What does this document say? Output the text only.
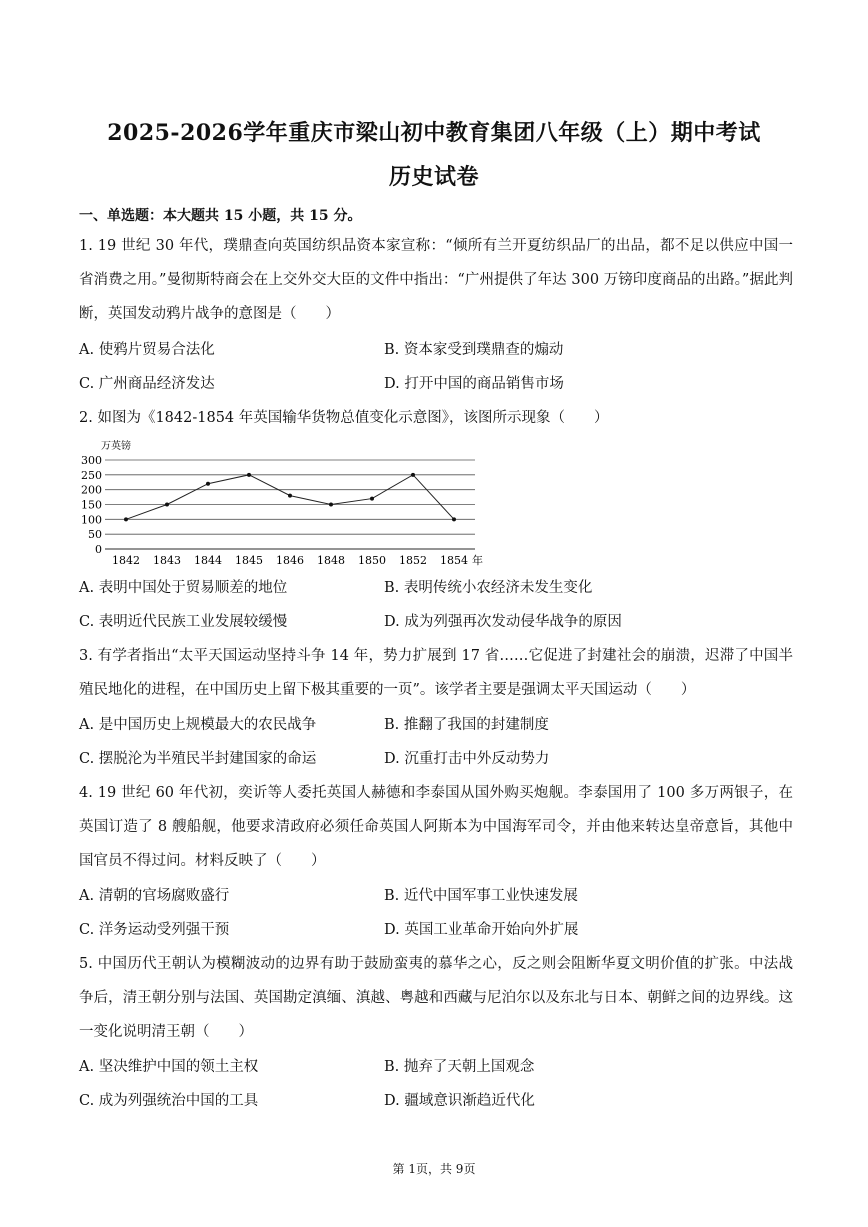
2025-2026学年重庆市梁山初中教育集团八年级（上）期中考试
历史试卷
一、单选题：本大题共 15 小题，共 15 分。

1. 19 世纪 30 年代，璞鼎查向英国纺织品资本家宣称：“倾所有兰开夏纺织品厂的出品，都不足以供应中国一省消费之用。”曼彻斯特商会在上交外交大臣的文件中指出：“广州提供了年达 300 万镑印度商品的出路。”据此判断，英国发动鸦片战争的意图是（　　）

A. 使鸦片贸易合法化	B. 资本家受到璞鼎查的煽动
C. 广州商品经济发达	D. 打开中国的商品销售市场

2. 如图为《1842-1854 年英国输华货物总值变化示意图》，该图所示现象（　　）

万英镑
0
50
100
150
200
250
300
1842 1843 1844 1845 1846 1848 1850 1852 1854 年
A. 表明中国处于贸易顺差的地位	B. 表明传统小农经济未发生变化
C. 表明近代民族工业发展较缓慢	D. 成为列强再次发动侵华战争的原因

3. 有学者指出“太平天国运动坚持斗争 14 年，势力扩展到 17 省……它促进了封建社会的崩溃，迟滞了中国半殖民地化的进程，在中国历史上留下极其重要的一页”。该学者主要是强调太平天国运动（　　）

A. 是中国历史上规模最大的农民战争	B. 推翻了我国的封建制度
C. 摆脱沦为半殖民半封建国家的命运	D. 沉重打击中外反动势力

4. 19 世纪 60 年代初，奕䜣等人委托英国人赫德和李泰国从国外购买炮舰。李泰国用了 100 多万两银子，在英国订造了 8 艘船舰，他要求清政府必须任命英国人阿斯本为中国海军司令，并由他来转达皇帝意旨，其他中国官员不得过问。材料反映了（　　）

A. 清朝的官场腐败盛行	B. 近代中国军事工业快速发展
C. 洋务运动受列强干预	D. 英国工业革命开始向外扩展

5. 中国历代王朝认为模糊波动的边界有助于鼓励蛮夷的慕华之心，反之则会阻断华夏文明价值的扩张。中法战争后，清王朝分别与法国、英国勘定滇缅、滇越、粤越和西藏与尼泊尔以及东北与日本、朝鲜之间的边界线。这一变化说明清王朝（　　）

A. 坚决维护中国的领土主权	B. 抛弃了天朝上国观念
C. 成为列强统治中国的工具	D. 疆域意识渐趋近代化
第 1页，共 9页
